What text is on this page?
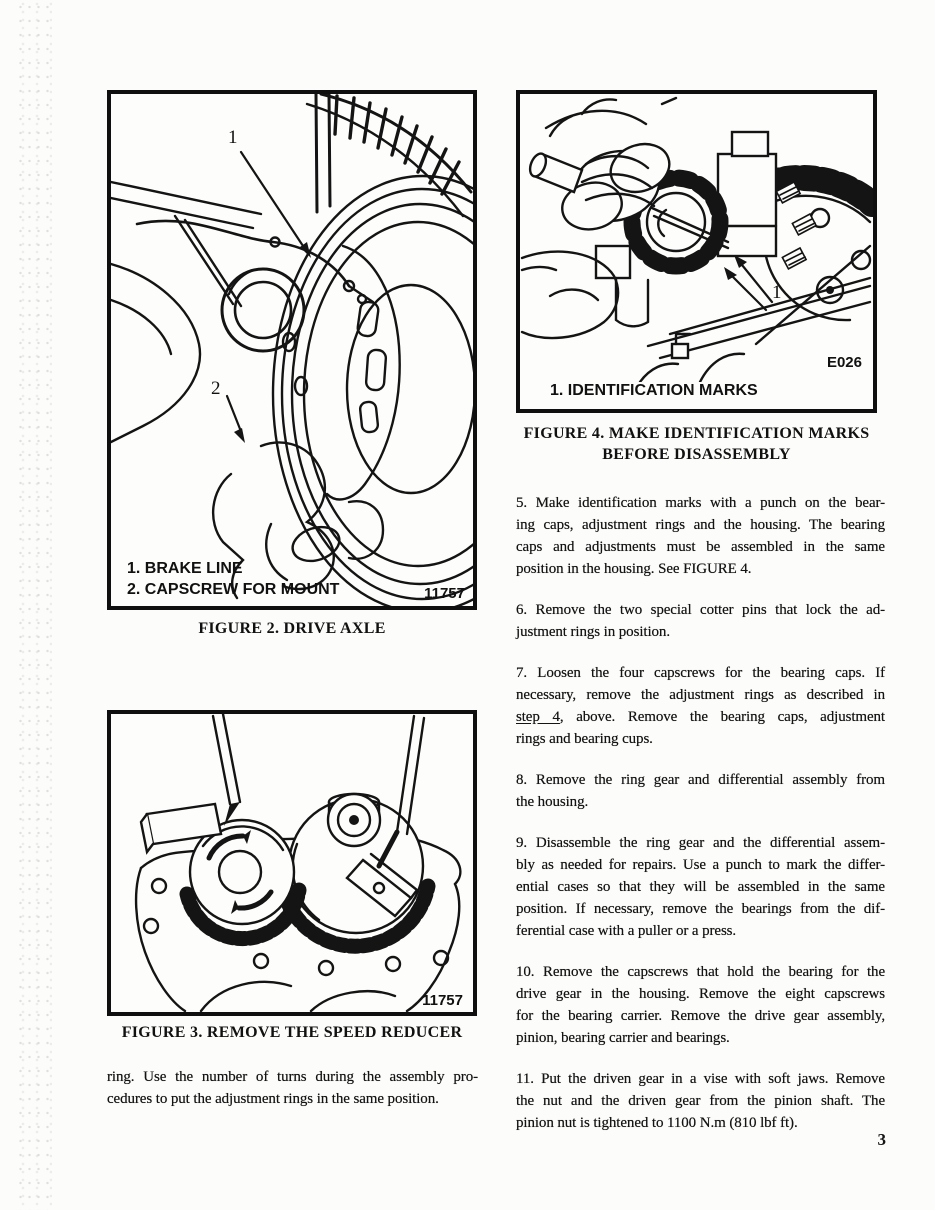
1
2
1. BRAKE LINE
2. CAPSCREW FOR MOUNT	11757
FIGURE 2. DRIVE AXLE
11757
FIGURE 3. REMOVE THE SPEED REDUCER
ring. Use the number of turns during the assembly pro-
cedures to put the adjustment rings in the same position.
1
E026
1. IDENTIFICATION MARKS
FIGURE 4. MAKE IDENTIFICATION MARKS
BEFORE DISASSEMBLY
5. Make identification marks with a punch on the bear-
ing caps, adjustment rings and the housing. The bearing
caps and adjustments must be assembled in the same
position in the housing. See FIGURE 4.
6. Remove the two special cotter pins that lock the ad-
justment rings in position.
7. Loosen the four capscrews for the bearing caps. If
necessary, remove the adjustment rings as described in
step 4, above. Remove the bearing caps, adjustment
rings and bearing cups.
8. Remove the ring gear and differential assembly from
the housing.
9. Disassemble the ring gear and the differential assem-
bly as needed for repairs. Use a punch to mark the differ-
ential cases so that they will be assembled in the same
position. If necessary, remove the bearings from the dif-
ferential case with a puller or a press.
10. Remove the capscrews that hold the bearing for the
drive gear in the housing. Remove the eight capscrews
for the bearing carrier. Remove the drive gear assembly,
pinion, bearing carrier and bearings.
11. Put the driven gear in a vise with soft jaws. Remove
the nut and the driven gear from the pinion shaft. The
pinion nut is tightened to 1100 N.m (810 lbf ft).
3
